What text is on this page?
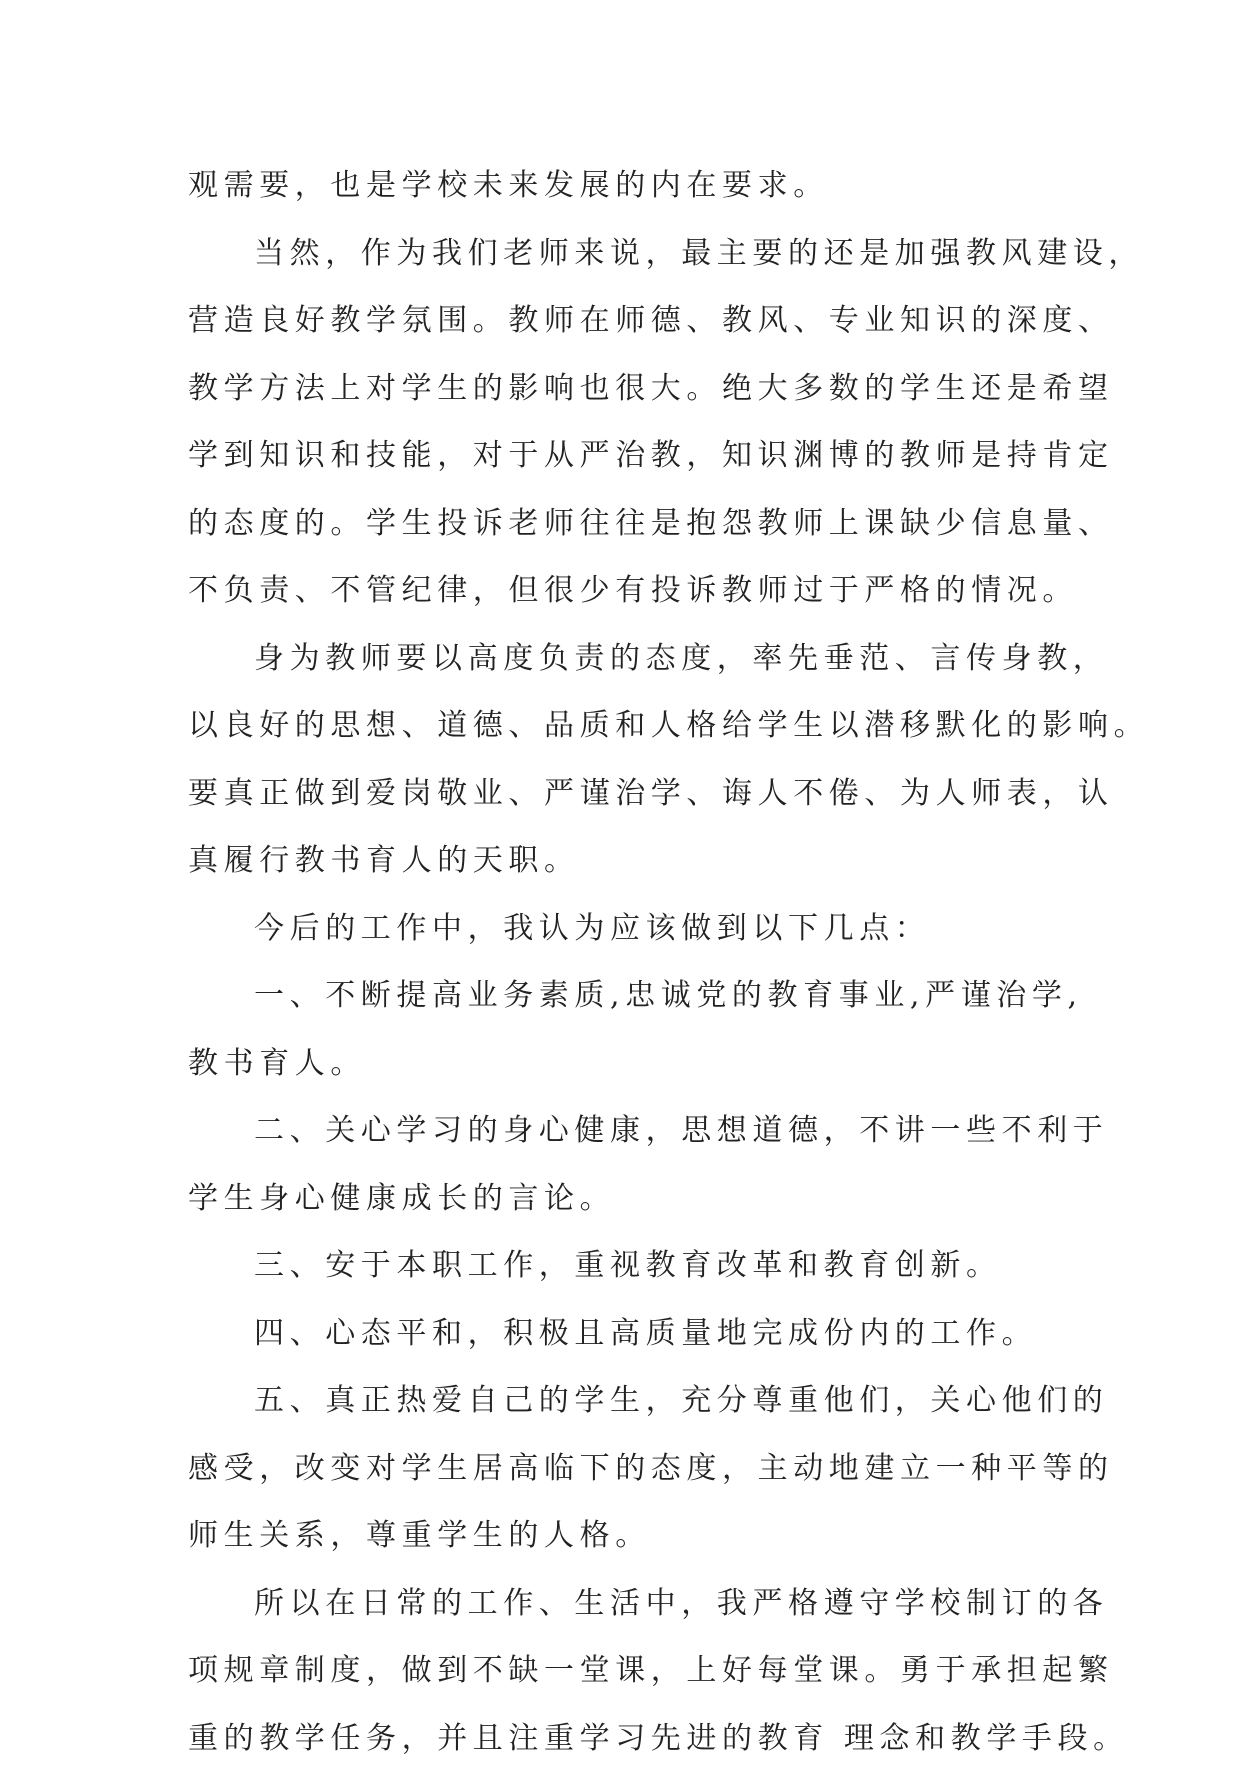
观需要，也是学校未来发展的内在要求。
当然，作为我们老师来说，最主要的还是加强教风建设，
营造良好教学氛围。教师在师德、教风、专业知识的深度、
教学方法上对学生的影响也很大。绝大多数的学生还是希望
学到知识和技能，对于从严治教，知识渊博的教师是持肯定
的态度的。学生投诉老师往往是抱怨教师上课缺少信息量、
不负责、不管纪律，但很少有投诉教师过于严格的情况。
身为教师要以高度负责的态度，率先垂范、言传身教，
以良好的思想、道德、品质和人格给学生以潜移默化的影响。
要真正做到爱岗敬业、严谨治学、诲人不倦、为人师表，认
真履行教书育人的天职。
今后的工作中，我认为应该做到以下几点：
一、不断提高业务素质,忠诚党的教育事业,严谨治学,
教书育人。
二、关心学习的身心健康，思想道德，不讲一些不利于
学生身心健康成长的言论。
三、安于本职工作，重视教育改革和教育创新。
四、心态平和，积极且高质量地完成份内的工作。
五、真正热爱自己的学生，充分尊重他们，关心他们的
感受，改变对学生居高临下的态度，主动地建立一种平等的
师生关系，尊重学生的人格。
所以在日常的工作、生活中，我严格遵守学校制订的各
项规章制度，做到不缺一堂课，上好每堂课。勇于承担起繁
重的教学任务，并且注重学习先进的教育 理念和教学手段。
